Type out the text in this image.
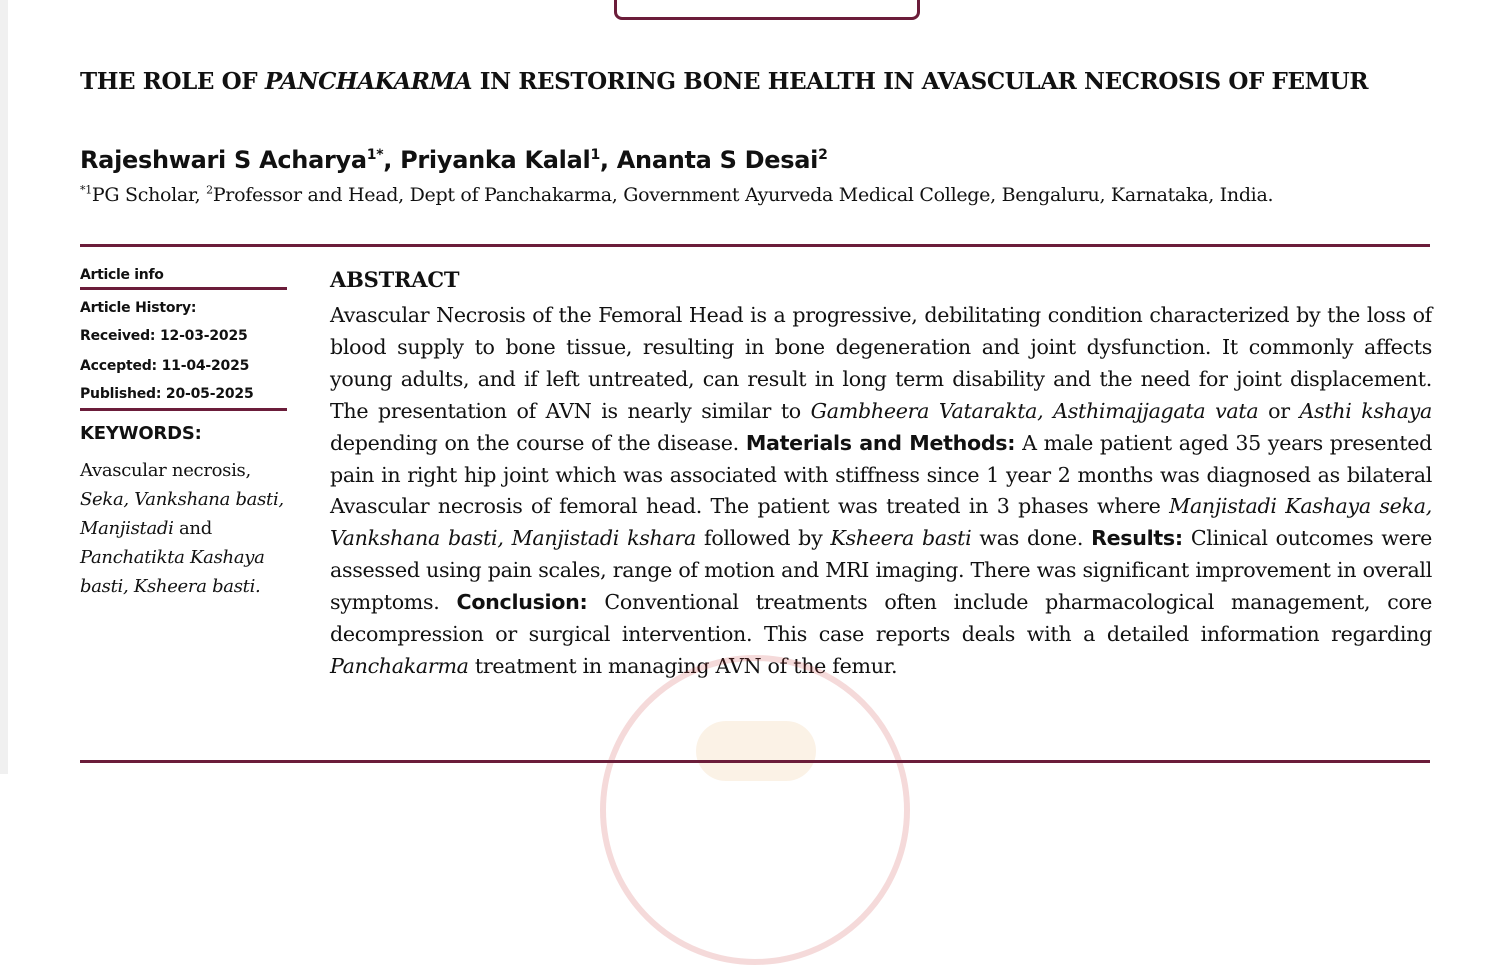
THE ROLE OF PANCHAKARMA IN RESTORING BONE HEALTH IN AVASCULAR NECROSIS OF FEMUR
Rajeshwari S Acharya$^{1*}$, Priyanka Kalal$^1$, Ananta S Desai$^2$
$^{*1}$PG Scholar, $^2$Professor and Head, Dept of Panchakarma, Government Ayurveda Medical College, Bengaluru, Karnataka, India.
Article info
Article History:
Received: 12-03-2025
Accepted: 11-04-2025
Published: 20-05-2025
KEYWORDS:
Avascular necrosis, Seka, Vankshana basti, Manjistadi and Panchatikta Kashaya basti, Ksheera basti.
ABSTRACT

Avascular Necrosis of the Femoral Head is a progressive, debilitating condition characterized by the loss of blood supply to bone tissue, resulting in bone degeneration and joint dysfunction. It commonly affects young adults, and if left untreated, can result in long term disability and the need for joint displacement. The presentation of AVN is nearly similar to Gambheera Vatarakta, Asthimajjagata vata or Asthi kshaya depending on the course of the disease. Materials and Methods: A male patient aged 35 years presented pain in right hip joint which was associated with stiffness since 1 year 2 months was diagnosed as bilateral Avascular necrosis of femoral head. The patient was treated in 3 phases where Manjistadi Kashaya seka, Vankshana basti, Manjistadi kshara followed by Ksheera basti was done. Results: Clinical outcomes were assessed using pain scales, range of motion and MRI imaging. There was significant improvement in overall symptoms. Conclusion: Conventional treatments often include pharmacological management, core decompression or surgical intervention. This case reports deals with a detailed information regarding Panchakarma treatment in managing AVN of the femur.
